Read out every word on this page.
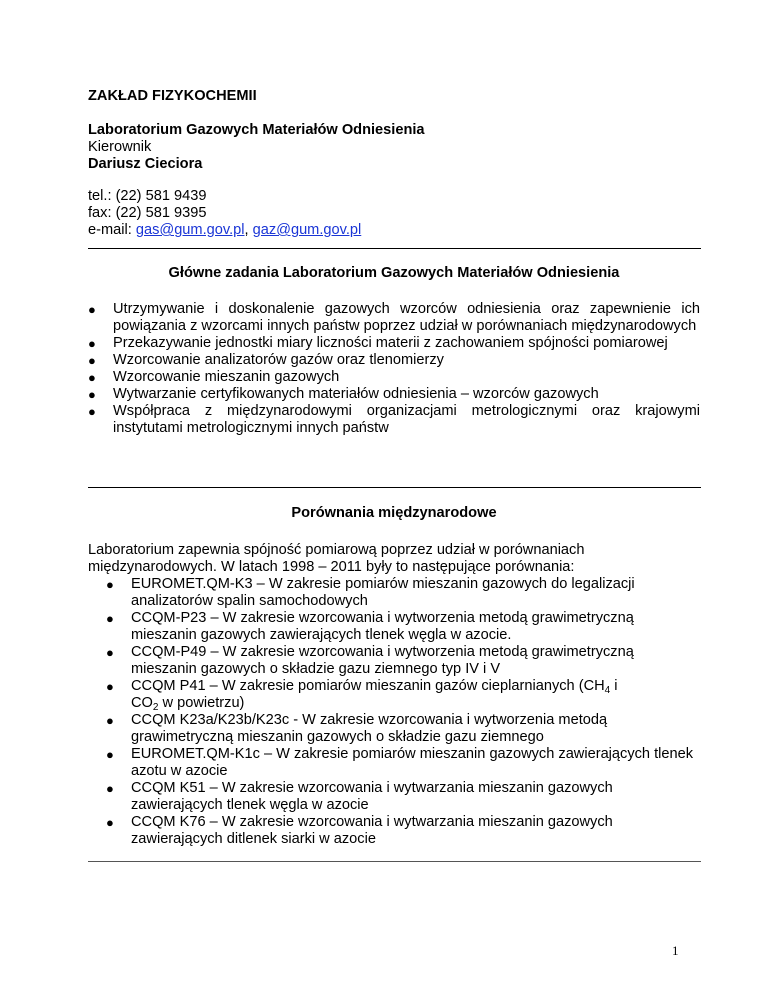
ZAKŁAD FIZYKOCHEMII
Laboratorium Gazowych Materiałów Odniesienia
Kierownik
Dariusz Cieciora
tel.: (22) 581 9439
fax: (22) 581 9395
e-mail: gas@gum.gov.pl, gaz@gum.gov.pl
Główne zadania Laboratorium Gazowych Materiałów Odniesienia
● Utrzymywanie i doskonalenie gazowych wzorców odniesienia oraz zapewnienie ich powiązania z wzorcami innych państw poprzez udział w porównaniach międzynarodowych
● Przekazywanie jednostki miary liczności materii z zachowaniem spójności pomiarowej
● Wzorcowanie analizatorów gazów oraz tlenomierzy
● Wzorcowanie mieszanin gazowych
● Wytwarzanie certyfikowanych materiałów odniesienia – wzorców gazowych
● Współpraca z międzynarodowymi organizacjami metrologicznymi oraz krajowymi instytutami metrologicznymi innych państw
Porównania międzynarodowe
Laboratorium zapewnia spójność pomiarową poprzez udział w porównaniach międzynarodowych. W latach 1998 – 2011 były to następujące porównania:
● EUROMET.QM-K3 – W zakresie pomiarów mieszanin gazowych do legalizacji analizatorów spalin samochodowych
● CCQM-P23 – W zakresie wzorcowania i wytworzenia metodą grawimetryczną mieszanin gazowych zawierających tlenek węgla w azocie.
● CCQM-P49 – W zakresie wzorcowania i wytworzenia metodą grawimetryczną mieszanin gazowych o składzie gazu ziemnego typ IV i V
● CCQM P41 – W zakresie pomiarów mieszanin gazów cieplarnianych ($CH_4$ i
$CO_2$ w powietrzu)
● CCQM K23a/K23b/K23c - W zakresie wzorcowania i wytworzenia metodą grawimetryczną mieszanin gazowych o składzie gazu ziemnego
● EUROMET.QM-K1c – W zakresie pomiarów mieszanin gazowych zawierających tlenek azotu w azocie
● CCQM K51 – W zakresie wzorcowania i wytwarzania mieszanin gazowych zawierających tlenek węgla w azocie
● CCQM K76 – W zakresie wzorcowania i wytwarzania mieszanin gazowych zawierających ditlenek siarki w azocie
1
